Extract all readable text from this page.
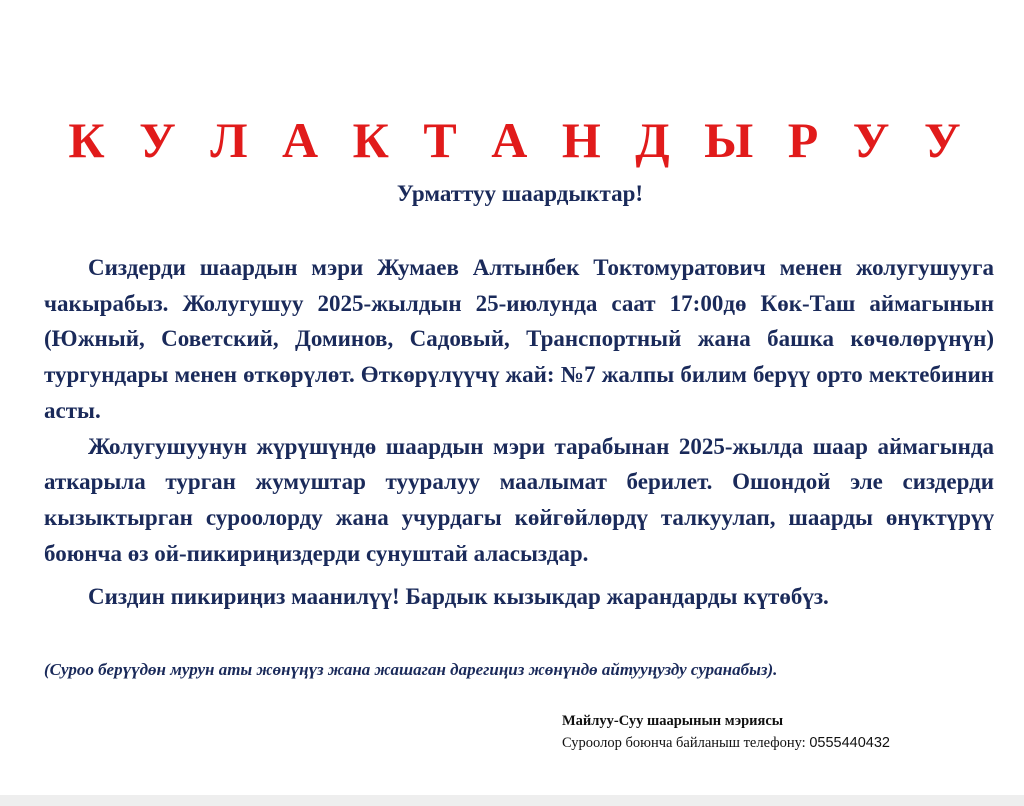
К У Л А К Т А Н Д Ы Р У У
Урматтуу шаардыктар!

Сиздерди шаардын мэри Жумаев Алтынбек Токтомуратович менен жолугушууга чакырабыз. Жолугушуу 2025-жылдын 25-июлунда саат 17:00дө Көк-Таш аймагынын (Южный, Советский, Доминов, Садовый, Транспортный жана башка көчөлөрүнүн) тургундары менен өткөрүлөт. Өткөрүлүүчү жай: №7 жалпы билим берүү орто мектебинин асты.

Жолугушуунун жүрүшүндө шаардын мэри тарабынан 2025-жылда шаар аймагында аткарыла турган жумуштар тууралуу маалымат берилет. Ошондой эле сиздерди кызыктырган суроолорду жана учурдагы көйгөйлөрдү талкуулап, шаарды өнүктүрүү боюнча өз ой-пикириңиздерди сунуштай аласыздар.

Сиздин пикириңиз маанилүү! Бардык кызыкдар жарандарды күтөбүз.

(Суроо берүүдөн мурун аты жөнүңүз жана жашаган дарегиңиз жөнүндө айтууңузду суранабыз).
Майлуу-Суу шаарынын мэриясы
Суроолор боюнча байланыш телефону: 0555440432
